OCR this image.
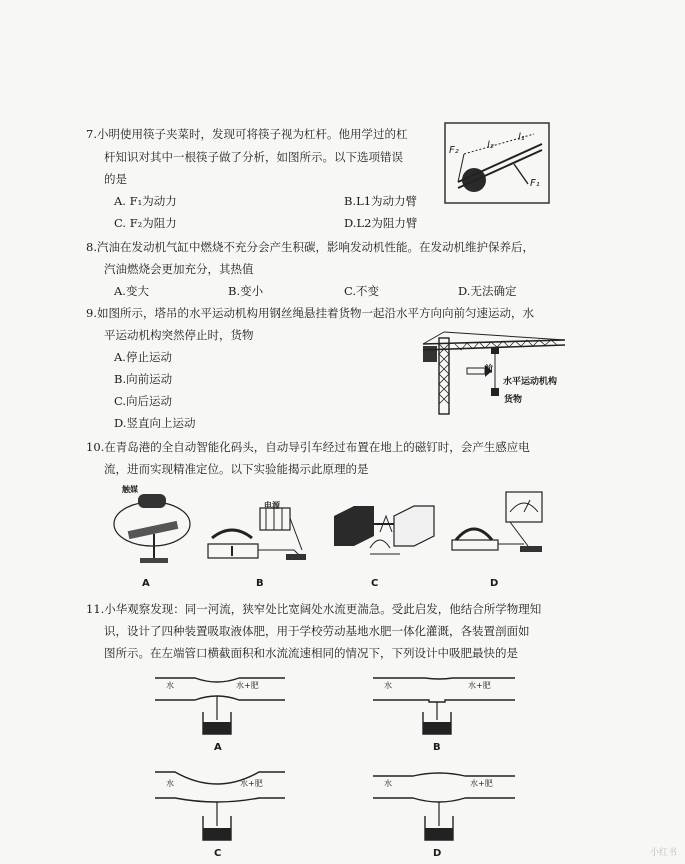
7.小明使用筷子夹菜时，发现可将筷子视为杠杆。他用学过的杠
杆知识对其中一根筷子做了分析，如图所示。以下选项错误
的是
A. F₁为动力	B.L1为动力臂
C. F₂为阻力	D.L2为阻力臂
F₂	l₂
l₁
F₁
8.汽油在发动机气缸中燃烧不充分会产生积碳，影响发动机性能。在发动机维护保养后，
汽油燃烧会更加充分，其热值
A.变大	B.变小	C.不变	D.无法确定
9.如图所示，塔吊的水平运动机构用钢丝绳悬挂着货物一起沿水平方向向前匀速运动，水
平运动机构突然停止时，货物
A.停止运动
B.向前运动
C.向后运动
D.竖直向上运动
前
水平运动机构
货物
10.在青岛港的全自动智能化码头，自动导引车经过布置在地上的磁钉时，会产生感应电
流，进而实现精准定位。以下实验能揭示此原理的是
A	B	C	D
触媒
电源
11.小华观察发现：同一河流，狭窄处比宽阔处水流更湍急。受此启发，他结合所学物理知
识，设计了四种装置吸取液体肥，用于学校劳动基地水肥一体化灌溉，各装置剖面如
图所示。在左端管口横截面积和水流流速相同的情况下，下列设计中吸肥最快的是
水	水+肥	水	水+肥
水	水+肥	水	水+肥
A	B
C	D	小红书
